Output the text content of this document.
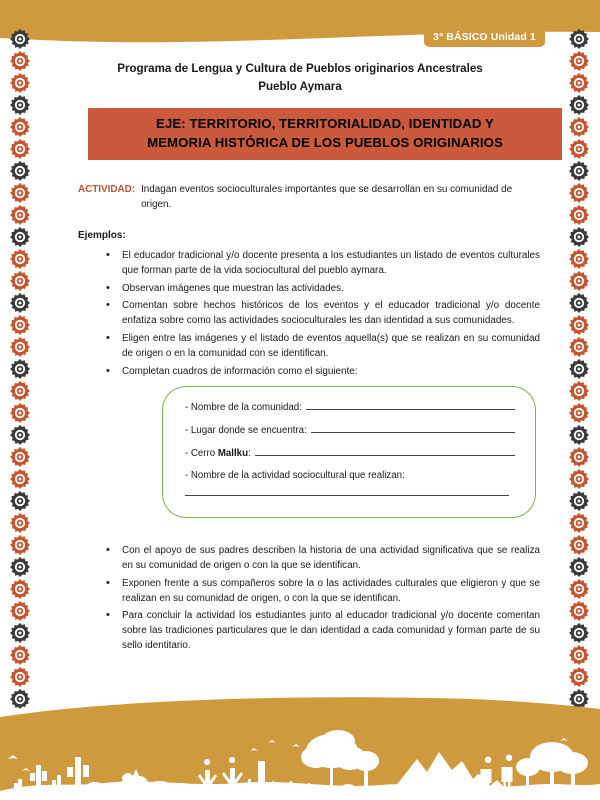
3° BÁSICO Unidad 1
Programa de Lengua y Cultura de Pueblos originarios Ancestrales
Pueblo Aymara
EJE: TERRITORIO, TERRITORIALIDAD, IDENTIDAD Y
MEMORIA HISTÓRICA DE LOS PUEBLOS ORIGINARIOS
ACTIVIDAD: Indagan eventos socioculturales importantes que se desarrollan en su comunidad de origen.
Ejemplos:
• El educador tradicional y/o docente presenta a los estudiantes un listado de eventos culturales que forman parte de la vida sociocultural del pueblo aymara.
• Observan imágenes que muestran las actividades.
• Comentan sobre hechos históricos de los eventos y el educador tradicional y/o docente enfatiza sobre como las actividades socioculturales les dan identidad a sus comunidades.
• Eligen entre las imágenes y el listado de eventos aquella(s) que se realizan en su comunidad de origen o en la comunidad con se identifican.
• Completan cuadros de información como el siguiente:
- Nombre de la comunidad:
- Lugar donde se encuentra:
- Cerro Mallku:
- Nombre de la actividad sociocultural que realizan:
• Con el apoyo de sus padres describen la historia de una actividad significativa que se realiza en su comunidad de origen o con la que se identifican.
• Exponen frente a sus compañeros sobre la o las actividades culturales que eligieron y que se realizan en su comunidad de origen, o con la que se identifican.
• Para concluir la actividad los estudiantes junto al educador tradicional y/o docente comentan sobre las tradiciones particulares que le dan identidad a cada comunidad y forman parte de su sello identitario.
